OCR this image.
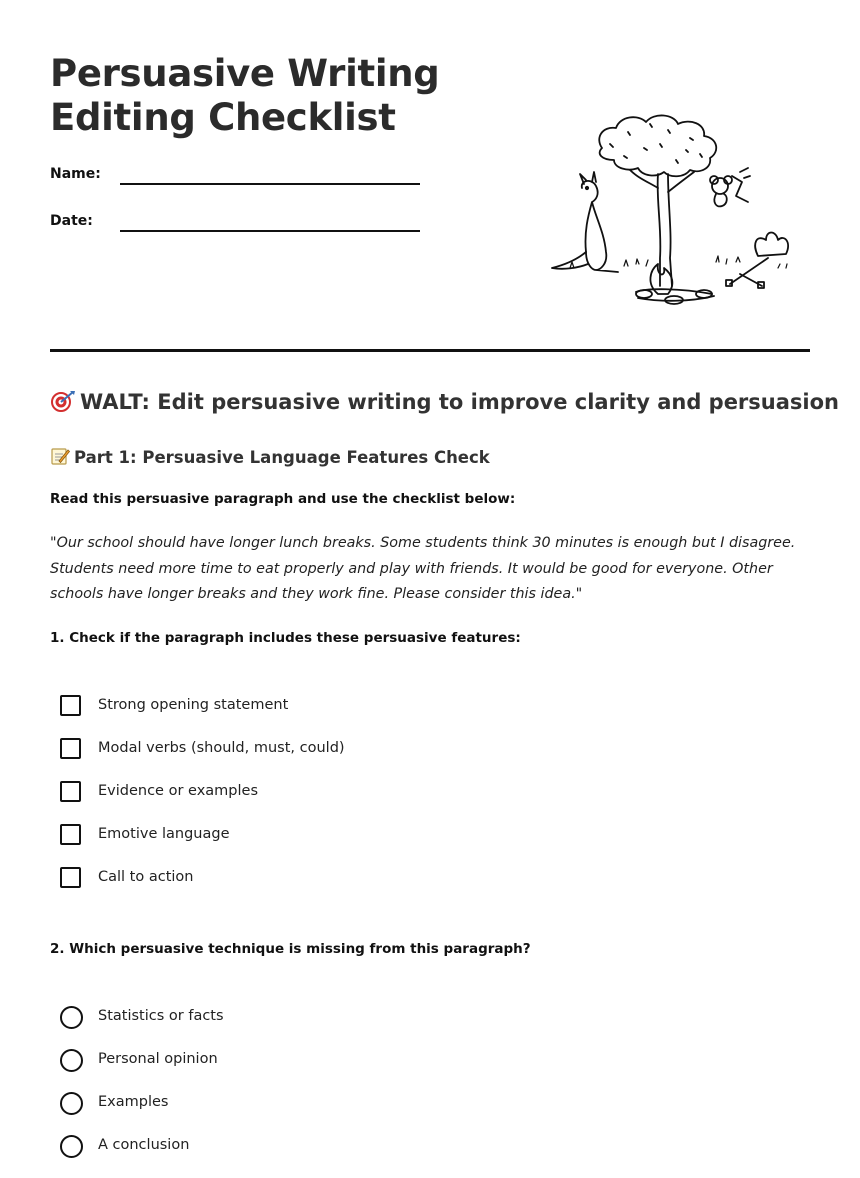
Persuasive Writing
Editing Checklist
Name:
Date:
WALT: Edit persuasive writing to improve clarity and persuasion
Part 1: Persuasive Language Features Check
Read this persuasive paragraph and use the checklist below:
"Our school should have longer lunch breaks. Some students think 30 minutes is enough but I disagree. Students need more time to eat properly and play with friends. It would be good for everyone. Other schools have longer breaks and they work fine. Please consider this idea."
1. Check if the paragraph includes these persuasive features:
Strong opening statement
Modal verbs (should, must, could)
Evidence or examples
Emotive language
Call to action
2. Which persuasive technique is missing from this paragraph?
Statistics or facts
Personal opinion
Examples
A conclusion
